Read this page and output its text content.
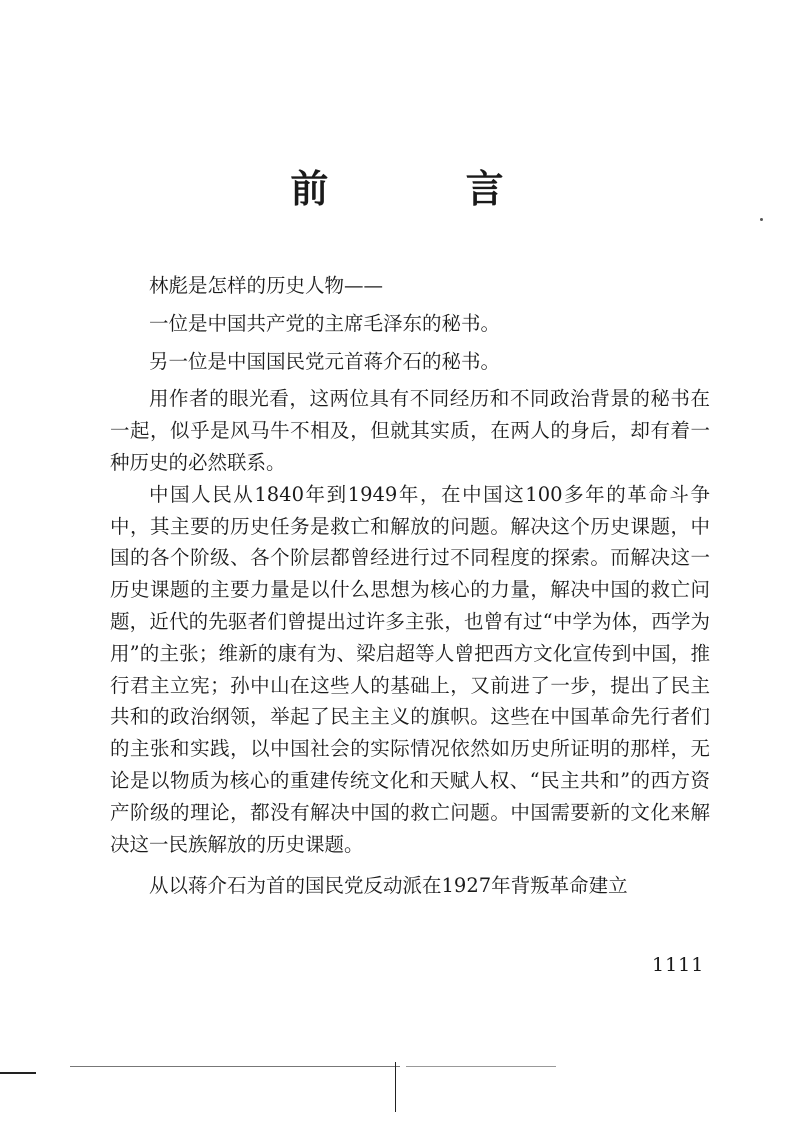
前 言

林彪是怎样的历史人物——

一位是中国共产党的主席毛泽东的秘书。

另一位是中国国民党元首蒋介石的秘书。

用作者的眼光看，这两位具有不同经历和不同政治背景的秘书在一起，似乎是风马牛不相及，但就其实质，在两人的身后，却有着一种历史的必然联系。

中国人民从1840年到1949年，在中国这100多年的革命斗争中，其主要的历史任务是救亡和解放的问题。解决这个历史课题，中国的各个阶级、各个阶层都曾经进行过不同程度的探索。而解决这一历史课题的主要力量是以什么思想为核心的力量，解决中国的救亡问题，近代的先驱者们曾提出过许多主张，也曾有过“中学为体，西学为用”的主张；维新的康有为、梁启超等人曾把西方文化宣传到中国，推行君主立宪；孙中山在这些人的基础上，又前进了一步，提出了民主共和的政治纲领，举起了民主主义的旗帜。这些在中国革命先行者们的主张和实践，以中国社会的实际情况依然如历史所证明的那样，无论是以物质为核心的重建传统文化和天赋人权、“民主共和”的西方资产阶级的理论，都没有解决中国的救亡问题。中国需要新的文化来解决这一民族解放的历史课题。

从以蒋介石为首的国民党反动派在1927年背叛革命建立

1111
